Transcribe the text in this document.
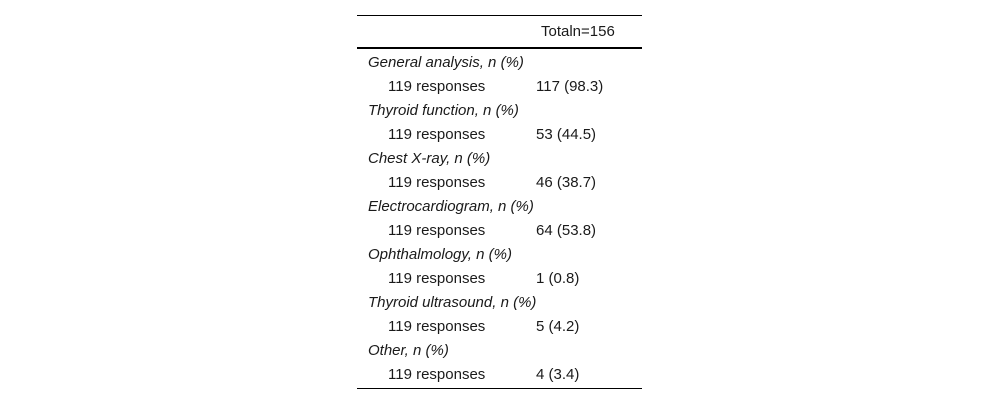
Totaln=156
General analysis, n (%)
119 responses	117 (98.3)
Thyroid function, n (%)
119 responses	53 (44.5)
Chest X-ray, n (%)
119 responses	46 (38.7)
Electrocardiogram, n (%)
119 responses	64 (53.8)
Ophthalmology, n (%)
119 responses	1 (0.8)
Thyroid ultrasound, n (%)
119 responses	5 (4.2)
Other, n (%)
119 responses	4 (3.4)
